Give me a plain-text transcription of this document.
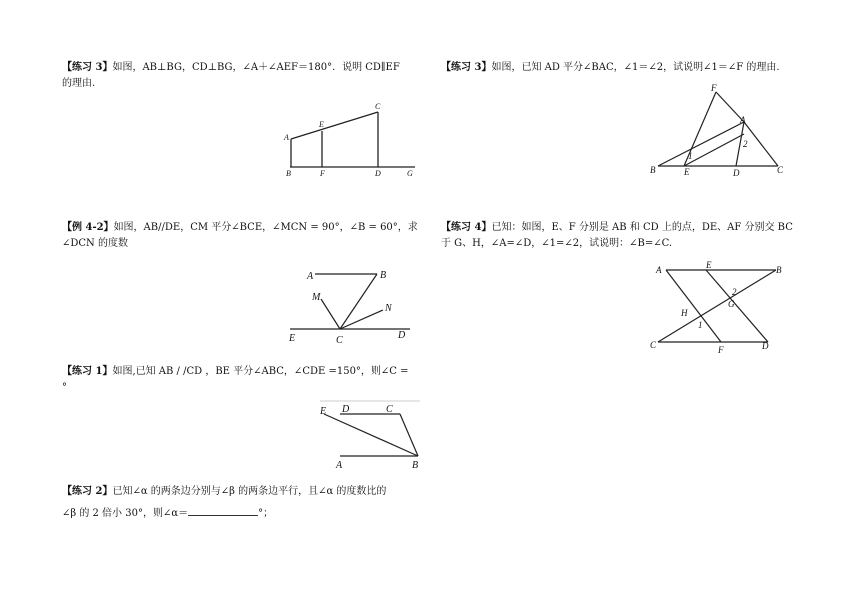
【练习 3】如图，AB⊥BG，CD⊥BG，∠A＋∠AEF＝180°．说明 CD∥EF
的理由.
A
E
C
B	F	D	G
【例 4-2】如图，AB//DE，CM 平分∠BCE，∠MCN = 90°，∠B = 60°，求
∠DCN 的度数
A	B
M
N
E	C	D
【练习 1】如图,已知 AB / /CD ，BE 平分∠ABC，∠CDE =150°，则∠C =
°
E D	C
A	B
【练习 2】已知∠α 的两条边分别与∠β 的两条边平行，且∠α 的度数比的
∠β 的 2 倍小 30°，则∠α＝	°；
【练习 3】如图，已知 AD 平分∠BAC，∠1＝∠2，试说明∠1＝∠F 的理由.
F
A
2
1
B	E	D	C
【练习 4】已知：如图，E、F 分别是 AB 和 CD 上的点，DE、AF 分别交 BC
于 G、H，∠A=∠D，∠1=∠2，试说明：∠B=∠C.
A	E	B
2
G
H
1
C	F	D
